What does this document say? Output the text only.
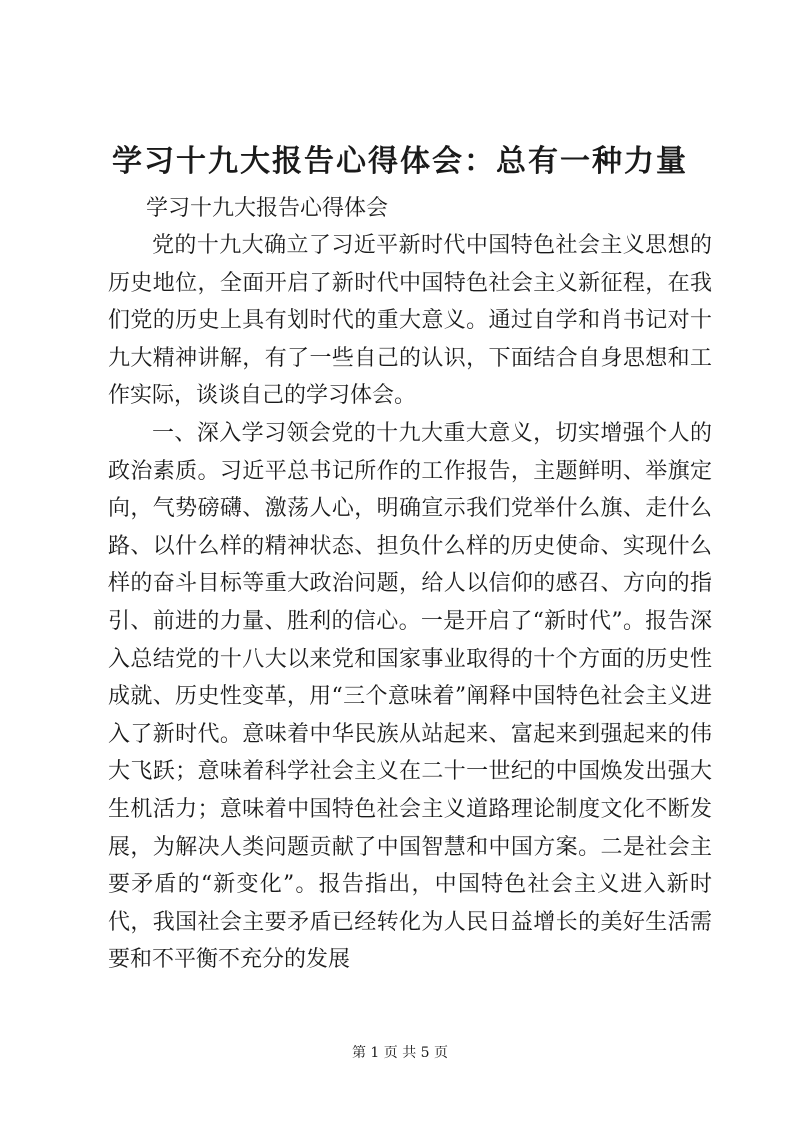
学习十九大报告心得体会：总有一种力量
学习十九大报告心得体会

党的十九大确立了习近平新时代中国特色社会主义思想的历史地位，全面开启了新时代中国特色社会主义新征程，在我们党的历史上具有划时代的重大意义。通过自学和肖书记对十九大精神讲解，有了一些自己的认识，下面结合自身思想和工作实际，谈谈自己的学习体会。

一、深入学习领会党的十九大重大意义，切实增强个人的政治素质。习近平总书记所作的工作报告，主题鲜明、举旗定向，气势磅礴、激荡人心，明确宣示我们党举什么旗、走什么路、以什么样的精神状态、担负什么样的历史使命、实现什么样的奋斗目标等重大政治问题，给人以信仰的感召、方向的指引、前进的力量、胜利的信心。一是开启了“新时代”。报告深入总结党的十八大以来党和国家事业取得的十个方面的历史性成就、历史性变革，用“三个意味着”阐释中国特色社会主义进入了新时代。意味着中华民族从站起来、富起来到强起来的伟大飞跃；意味着科学社会主义在二十一世纪的中国焕发出强大生机活力；意味着中国特色社会主义道路理论制度文化不断发展，为解决人类问题贡献了中国智慧和中国方案。二是社会主要矛盾的“新变化”。报告指出，中国特色社会主义进入新时代，我国社会主要矛盾已经转化为人民日益增长的美好生活需要和不平衡不充分的发展

第 1 页 共 5 页
